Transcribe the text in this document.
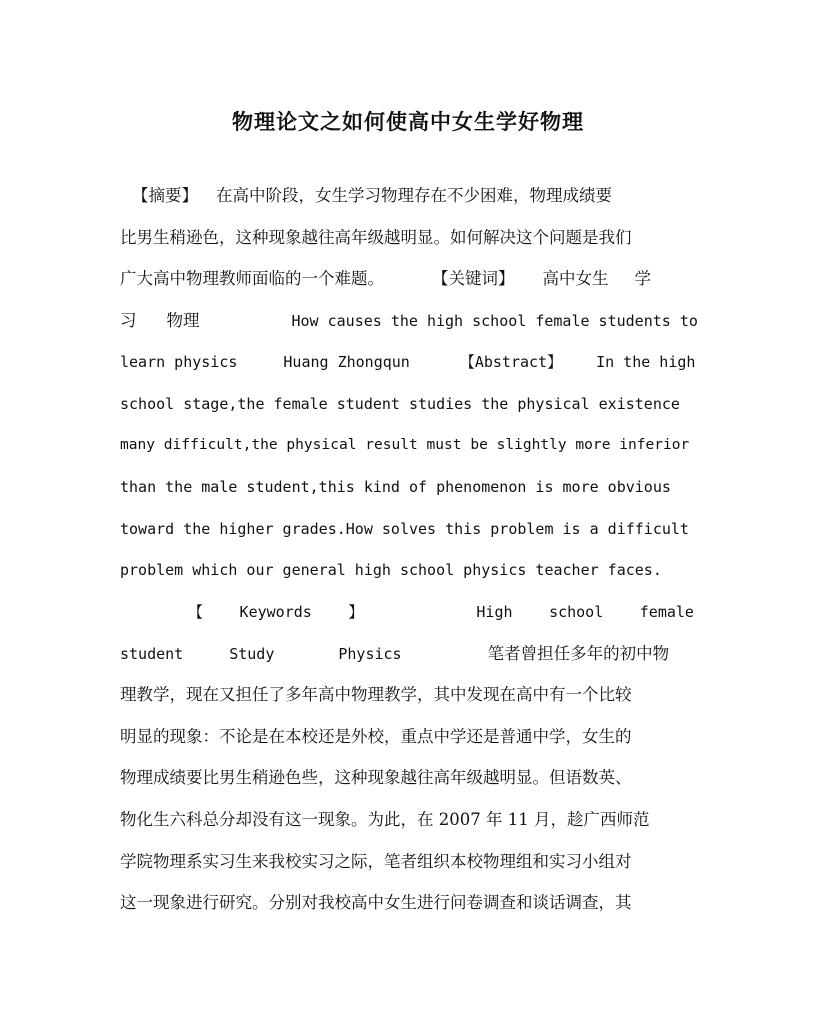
物理论文之如何使高中女生学好物理
【摘要】 在高中阶段，女生学习物理存在不少困难，物理成绩要
比男生稍逊色，这种现象越往高年级越明显。如何解决这个问题是我们
广大高中物理教师面临的一个难题。	【关键词】 高中女生 学
习 物理	How causes the high school female students to
learn physics	Huang Zhongqun	【Abstract】 In the high
school stage,the female student studies the physical existence
many difficult,the physical result must be slightly more inferior
than the male student,this kind of phenomenon is more obvious
toward the higher grades.How solves this problem is a difficult
problem which our general high school physics teacher faces.
【 Keywords 】	High school female
student	Study	Physics	笔者曾担任多年的初中物
理教学，现在又担任了多年高中物理教学，其中发现在高中有一个比较
明显的现象：不论是在本校还是外校，重点中学还是普通中学，女生的
物理成绩要比男生稍逊色些，这种现象越往高年级越明显。但语数英、
物化生六科总分却没有这一现象。为此，在 2007 年 11 月，趁广西师范
学院物理系实习生来我校实习之际，笔者组织本校物理组和实习小组对
这一现象进行研究。分别对我校高中女生进行问卷调查和谈话调查，其
